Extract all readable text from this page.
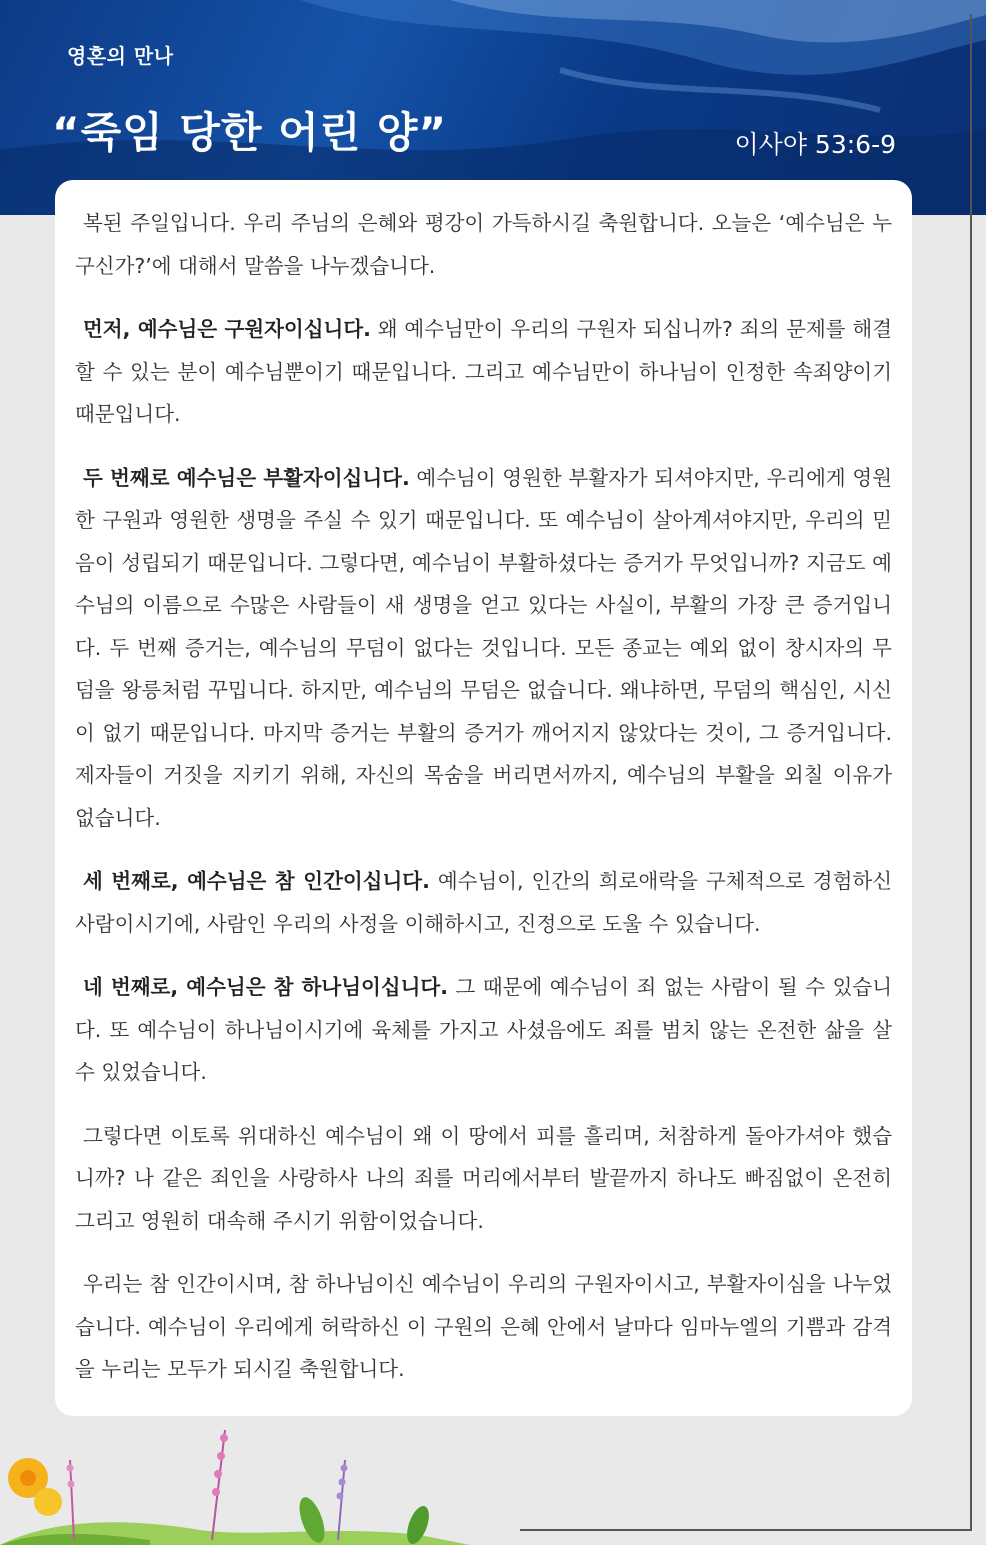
영혼의 만나
“죽임 당한 어린 양”	이사야 53:6-9

복된 주일입니다. 우리 주님의 은혜와 평강이 가득하시길 축원합니다. 오늘은 ‘예수님은 누구신가?’에 대해서 말씀을 나누겠습니다.

먼저, 예수님은 구원자이십니다. 왜 예수님만이 우리의 구원자 되십니까? 죄의 문제를 해결할 수 있는 분이 예수님뿐이기 때문입니다. 그리고 예수님만이 하나님이 인정한 속죄양이기 때문입니다.

두 번째로 예수님은 부활자이십니다. 예수님이 영원한 부활자가 되셔야지만, 우리에게 영원한 구원과 영원한 생명을 주실 수 있기 때문입니다. 또 예수님이 살아계셔야지만, 우리의 믿음이 성립되기 때문입니다. 그렇다면, 예수님이 부활하셨다는 증거가 무엇입니까? 지금도 예수님의 이름으로 수많은 사람들이 새 생명을 얻고 있다는 사실이, 부활의 가장 큰 증거입니다. 두 번째 증거는, 예수님의 무덤이 없다는 것입니다. 모든 종교는 예외 없이 창시자의 무덤을 왕릉처럼 꾸밉니다. 하지만, 예수님의 무덤은 없습니다. 왜냐하면, 무덤의 핵심인, 시신이 없기 때문입니다. 마지막 증거는 부활의 증거가 깨어지지 않았다는 것이, 그 증거입니다. 제자들이 거짓을 지키기 위해, 자신의 목숨을 버리면서까지, 예수님의 부활을 외칠 이유가 없습니다.

세 번째로, 예수님은 참 인간이십니다. 예수님이, 인간의 희로애락을 구체적으로 경험하신 사람이시기에, 사람인 우리의 사정을 이해하시고, 진정으로 도울 수 있습니다.

네 번째로, 예수님은 참 하나님이십니다. 그 때문에 예수님이 죄 없는 사람이 될 수 있습니다. 또 예수님이 하나님이시기에 육체를 가지고 사셨음에도 죄를 범치 않는 온전한 삶을 살 수 있었습니다.

그렇다면 이토록 위대하신 예수님이 왜 이 땅에서 피를 흘리며, 처참하게 돌아가셔야 했습니까? 나 같은 죄인을 사랑하사 나의 죄를 머리에서부터 발끝까지 하나도 빠짐없이 온전히 그리고 영원히 대속해 주시기 위함이었습니다.

우리는 참 인간이시며, 참 하나님이신 예수님이 우리의 구원자이시고, 부활자이심을 나누었습니다. 예수님이 우리에게 허락하신 이 구원의 은혜 안에서 날마다 임마누엘의 기쁨과 감격을 누리는 모두가 되시길 축원합니다.
